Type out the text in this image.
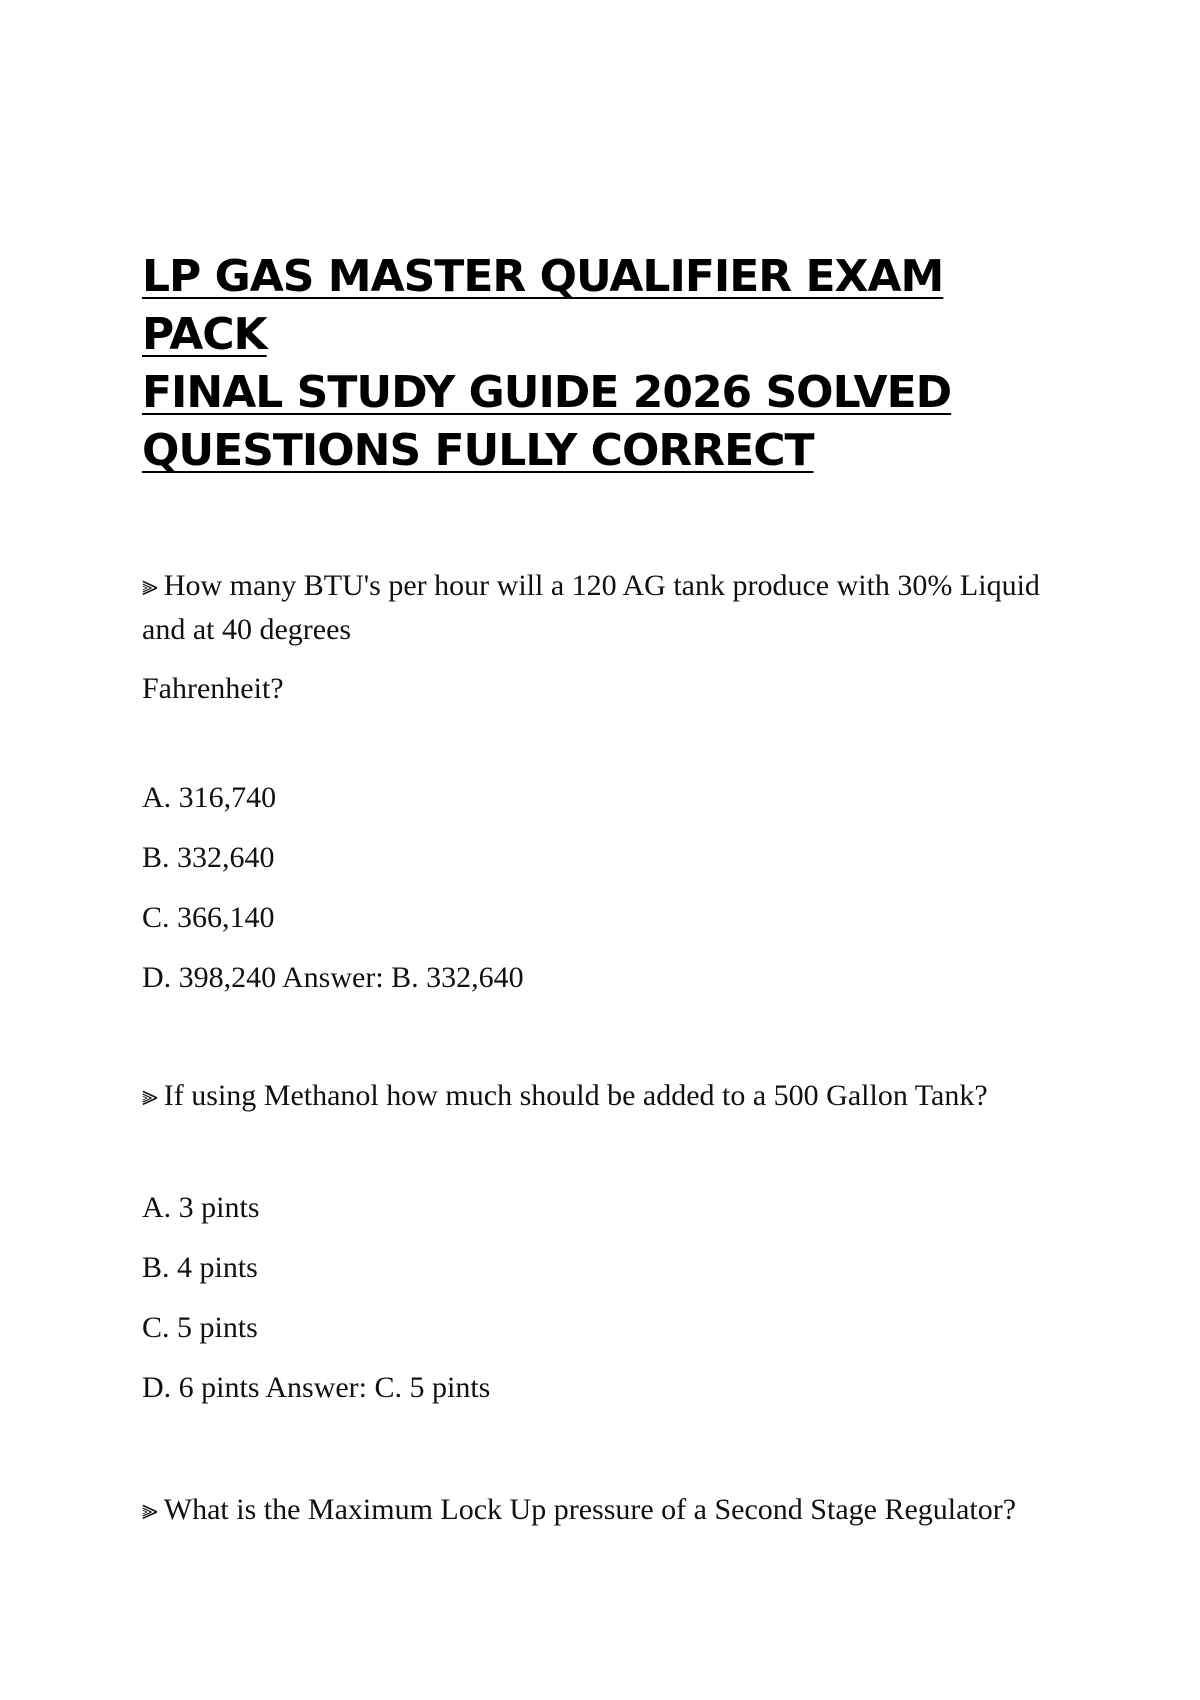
LP GAS MASTER QUALIFIER EXAM PACK
FINAL STUDY GUIDE 2026 SOLVED
QUESTIONS FULLY CORRECT

⫸ How many BTU's per hour will a 120 AG tank produce with 30% Liquid and at 40 degrees

Fahrenheit?

A. 316,740
B. 332,640
C. 366,140
D. 398,240 Answer: B. 332,640

⫸ If using Methanol how much should be added to a 500 Gallon Tank?

A. 3 pints
B. 4 pints
C. 5 pints
D. 6 pints Answer: C. 5 pints

⫸ What is the Maximum Lock Up pressure of a Second Stage Regulator?
